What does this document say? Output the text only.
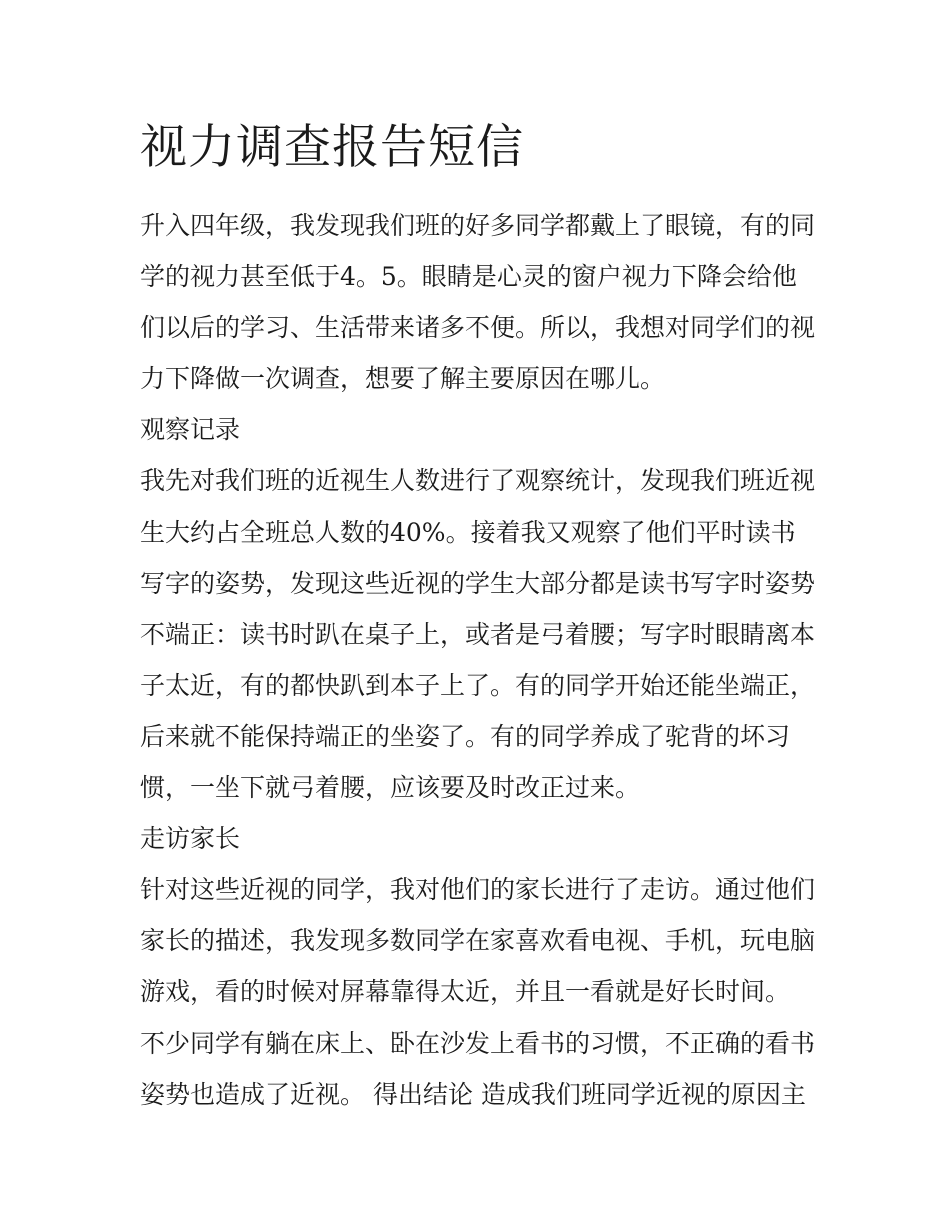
视力调查报告短信
升入四年级，我发现我们班的好多同学都戴上了眼镜，有的同
学的视力甚至低于4。5。眼睛是心灵的窗户视力下降会给他
们以后的学习、生活带来诸多不便。所以，我想对同学们的视
力下降做一次调查，想要了解主要原因在哪儿。
观察记录
我先对我们班的近视生人数进行了观察统计，发现我们班近视
生大约占全班总人数的40%。接着我又观察了他们平时读书
写字的姿势，发现这些近视的学生大部分都是读书写字时姿势
不端正：读书时趴在桌子上，或者是弓着腰；写字时眼睛离本
子太近，有的都快趴到本子上了。有的同学开始还能坐端正，
后来就不能保持端正的坐姿了。有的同学养成了驼背的坏习
惯，一坐下就弓着腰，应该要及时改正过来。
走访家长
针对这些近视的同学，我对他们的家长进行了走访。通过他们
家长的描述，我发现多数同学在家喜欢看电视、手机，玩电脑
游戏，看的时候对屏幕靠得太近，并且一看就是好长时间。
不少同学有躺在床上、卧在沙发上看书的习惯，不正确的看书
姿势也造成了近视。 得出结论 造成我们班同学近视的原因主
